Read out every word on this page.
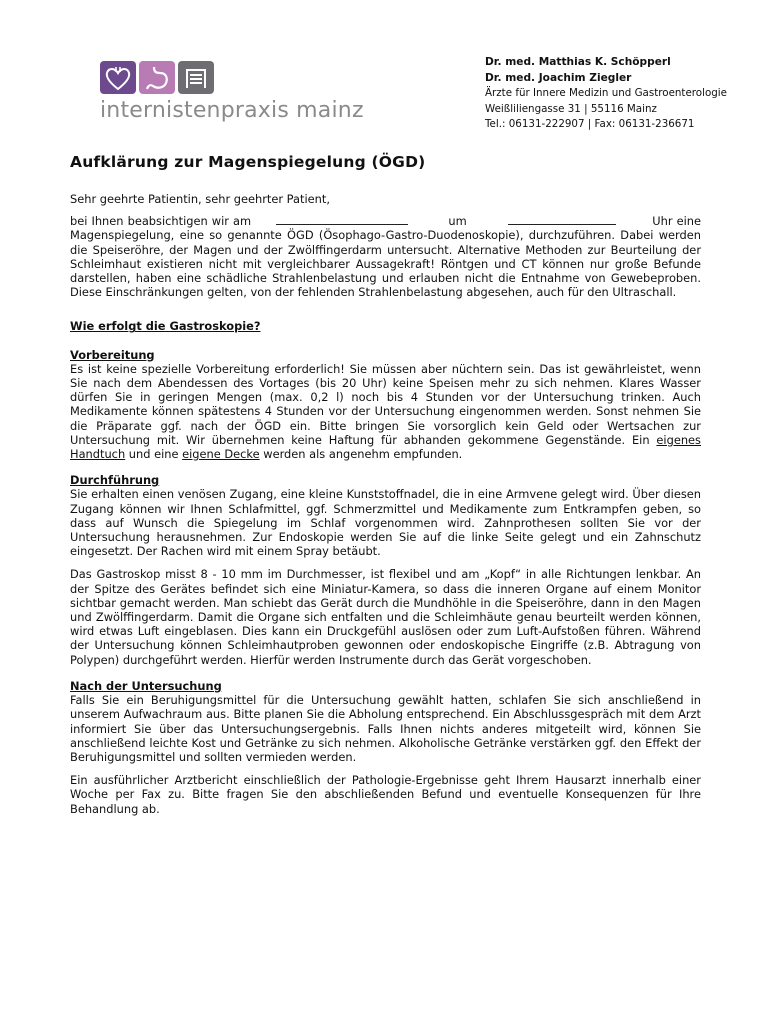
internistenpraxis mainz
Dr. med. Matthias K. Schöpperl
Dr. med. Joachim Ziegler
Ärzte für Innere Medizin und Gastroenterologie
Weißliliengasse 31 | 55116 Mainz
Tel.: 06131-222907 | Fax: 06131-236671
Aufklärung zur Magenspiegelung (ÖGD)

Sehr geehrte Patientin, sehr geehrter Patient,

bei Ihnen beabsichtigen wir am	um	Uhr eine Magenspiegelung, eine so genannte ÖGD (Ösophago-Gastro-Duodenoskopie), durchzuführen. Dabei werden die Speiseröhre, der Magen und der Zwölffingerdarm untersucht. Alternative Methoden zur Beurteilung der Schleimhaut existieren nicht mit vergleichbarer Aussagekraft! Röntgen und CT können nur große Befunde darstellen, haben eine schädliche Strahlenbelastung und erlauben nicht die Entnahme von Gewebeproben. Diese Einschränkungen gelten, von der fehlenden Strahlenbelastung abgesehen, auch für den Ultraschall.

Wie erfolgt die Gastroskopie?

Vorbereitung

Es ist keine spezielle Vorbereitung erforderlich! Sie müssen aber nüchtern sein. Das ist gewährleistet, wenn Sie nach dem Abendessen des Vortages (bis 20 Uhr) keine Speisen mehr zu sich nehmen. Klares Wasser dürfen Sie in geringen Mengen (max. 0,2 l) noch bis 4 Stunden vor der Untersuchung trinken. Auch Medikamente können spätestens 4 Stunden vor der Untersuchung eingenommen werden. Sonst nehmen Sie die Präparate ggf. nach der ÖGD ein. Bitte bringen Sie vorsorglich kein Geld oder Wertsachen zur Untersuchung mit. Wir übernehmen keine Haftung für abhanden gekommene Gegenstände. Ein eigenes Handtuch und eine eigene Decke werden als angenehm empfunden.

Durchführung

Sie erhalten einen venösen Zugang, eine kleine Kunststoffnadel, die in eine Armvene gelegt wird. Über diesen Zugang können wir Ihnen Schlafmittel, ggf. Schmerzmittel und Medikamente zum Entkrampfen geben, so dass auf Wunsch die Spiegelung im Schlaf vorgenommen wird. Zahnprothesen sollten Sie vor der Untersuchung herausnehmen. Zur Endoskopie werden Sie auf die linke Seite gelegt und ein Zahnschutz eingesetzt. Der Rachen wird mit einem Spray betäubt.

Das Gastroskop misst 8 - 10 mm im Durchmesser, ist flexibel und am „Kopf“ in alle Richtungen lenkbar. An der Spitze des Gerätes befindet sich eine Miniatur-Kamera, so dass die inneren Organe auf einem Monitor sichtbar gemacht werden. Man schiebt das Gerät durch die Mundhöhle in die Speiseröhre, dann in den Magen und Zwölffingerdarm. Damit die Organe sich entfalten und die Schleimhäute genau beurteilt werden können, wird etwas Luft eingeblasen. Dies kann ein Druckgefühl auslösen oder zum Luft-Aufstoßen führen. Während der Untersuchung können Schleimhautproben gewonnen oder endoskopische Eingriffe (z.B. Abtragung von Polypen) durchgeführt werden. Hierfür werden Instrumente durch das Gerät vorgeschoben.

Nach der Untersuchung

Falls Sie ein Beruhigungsmittel für die Untersuchung gewählt hatten, schlafen Sie sich anschließend in unserem Aufwachraum aus. Bitte planen Sie die Abholung entsprechend. Ein Abschlussgespräch mit dem Arzt informiert Sie über das Untersuchungsergebnis. Falls Ihnen nichts anderes mitgeteilt wird, können Sie anschließend leichte Kost und Getränke zu sich nehmen. Alkoholische Getränke verstärken ggf. den Effekt der Beruhigungsmittel und sollten vermieden werden.

Ein ausführlicher Arztbericht einschließlich der Pathologie-Ergebnisse geht Ihrem Hausarzt innerhalb einer Woche per Fax zu. Bitte fragen Sie den abschließenden Befund und eventuelle Konsequenzen für Ihre Behandlung ab.
